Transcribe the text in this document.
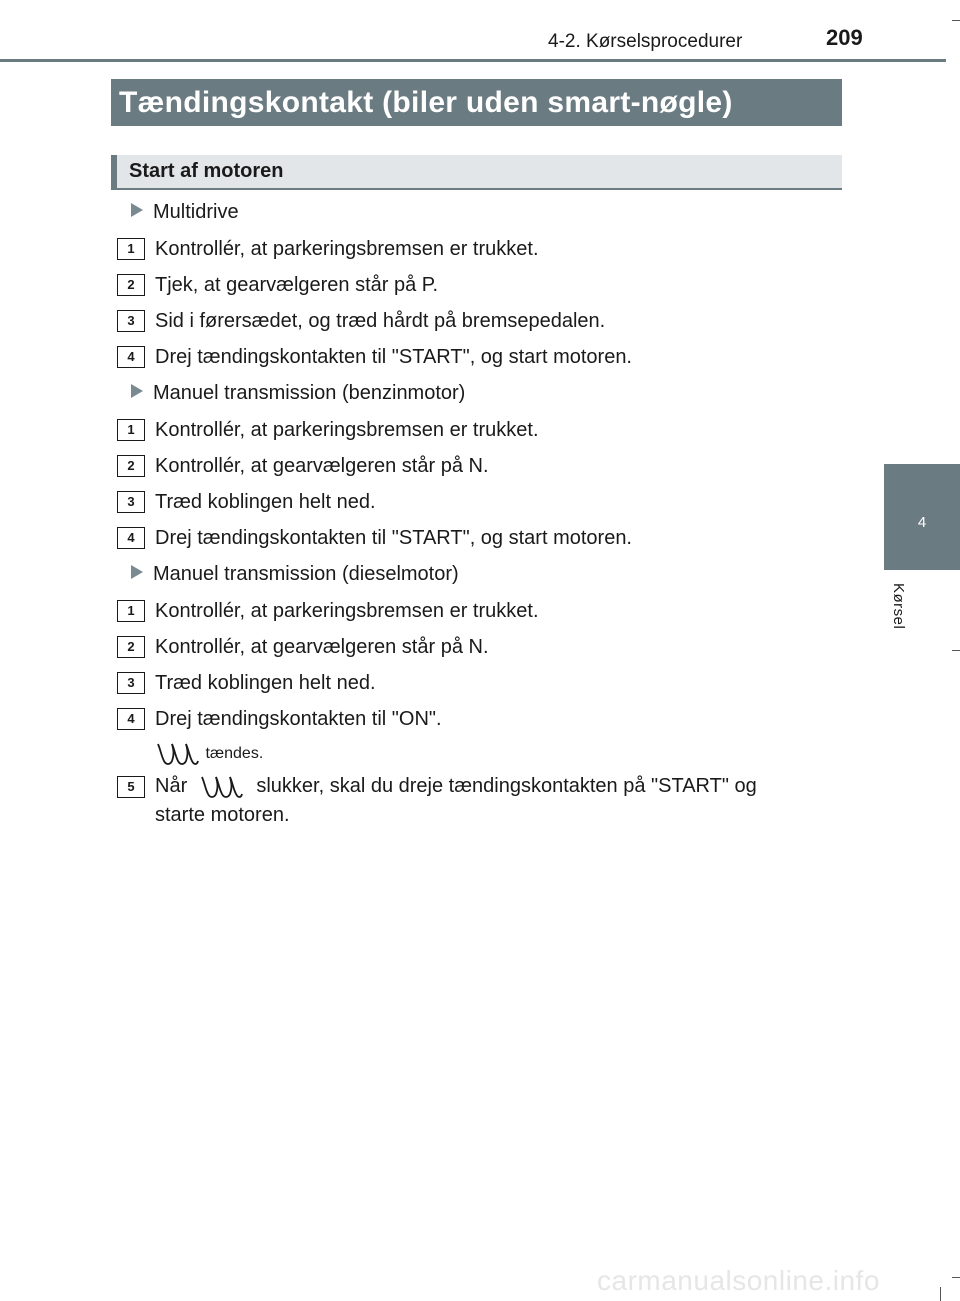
4-2. Kørselsprocedurer	209
4
Kørsel
Tændingskontakt (biler uden smart-nøgle)
Start af motoren
Multidrive
1	Kontrollér, at parkeringsbremsen er trukket.
2	Tjek, at gearvælgeren står på P.
3	Sid i førersædet, og træd hårdt på bremsepedalen.
4	Drej tændingskontakten til "START", og start motoren.
Manuel transmission (benzinmotor)
1	Kontrollér, at parkeringsbremsen er trukket.
2	Kontrollér, at gearvælgeren står på N.
3	Træd koblingen helt ned.
4	Drej tændingskontakten til "START", og start motoren.
Manuel transmission (dieselmotor)
1	Kontrollér, at parkeringsbremsen er trukket.
2	Kontrollér, at gearvælgeren står på N.
3	Træd koblingen helt ned.
4	Drej tændingskontakten til "ON".
tændes.
5	Når	slukker, skal du dreje tændingskontakten på "START" og
starte motoren.
carmanualsonline.info
